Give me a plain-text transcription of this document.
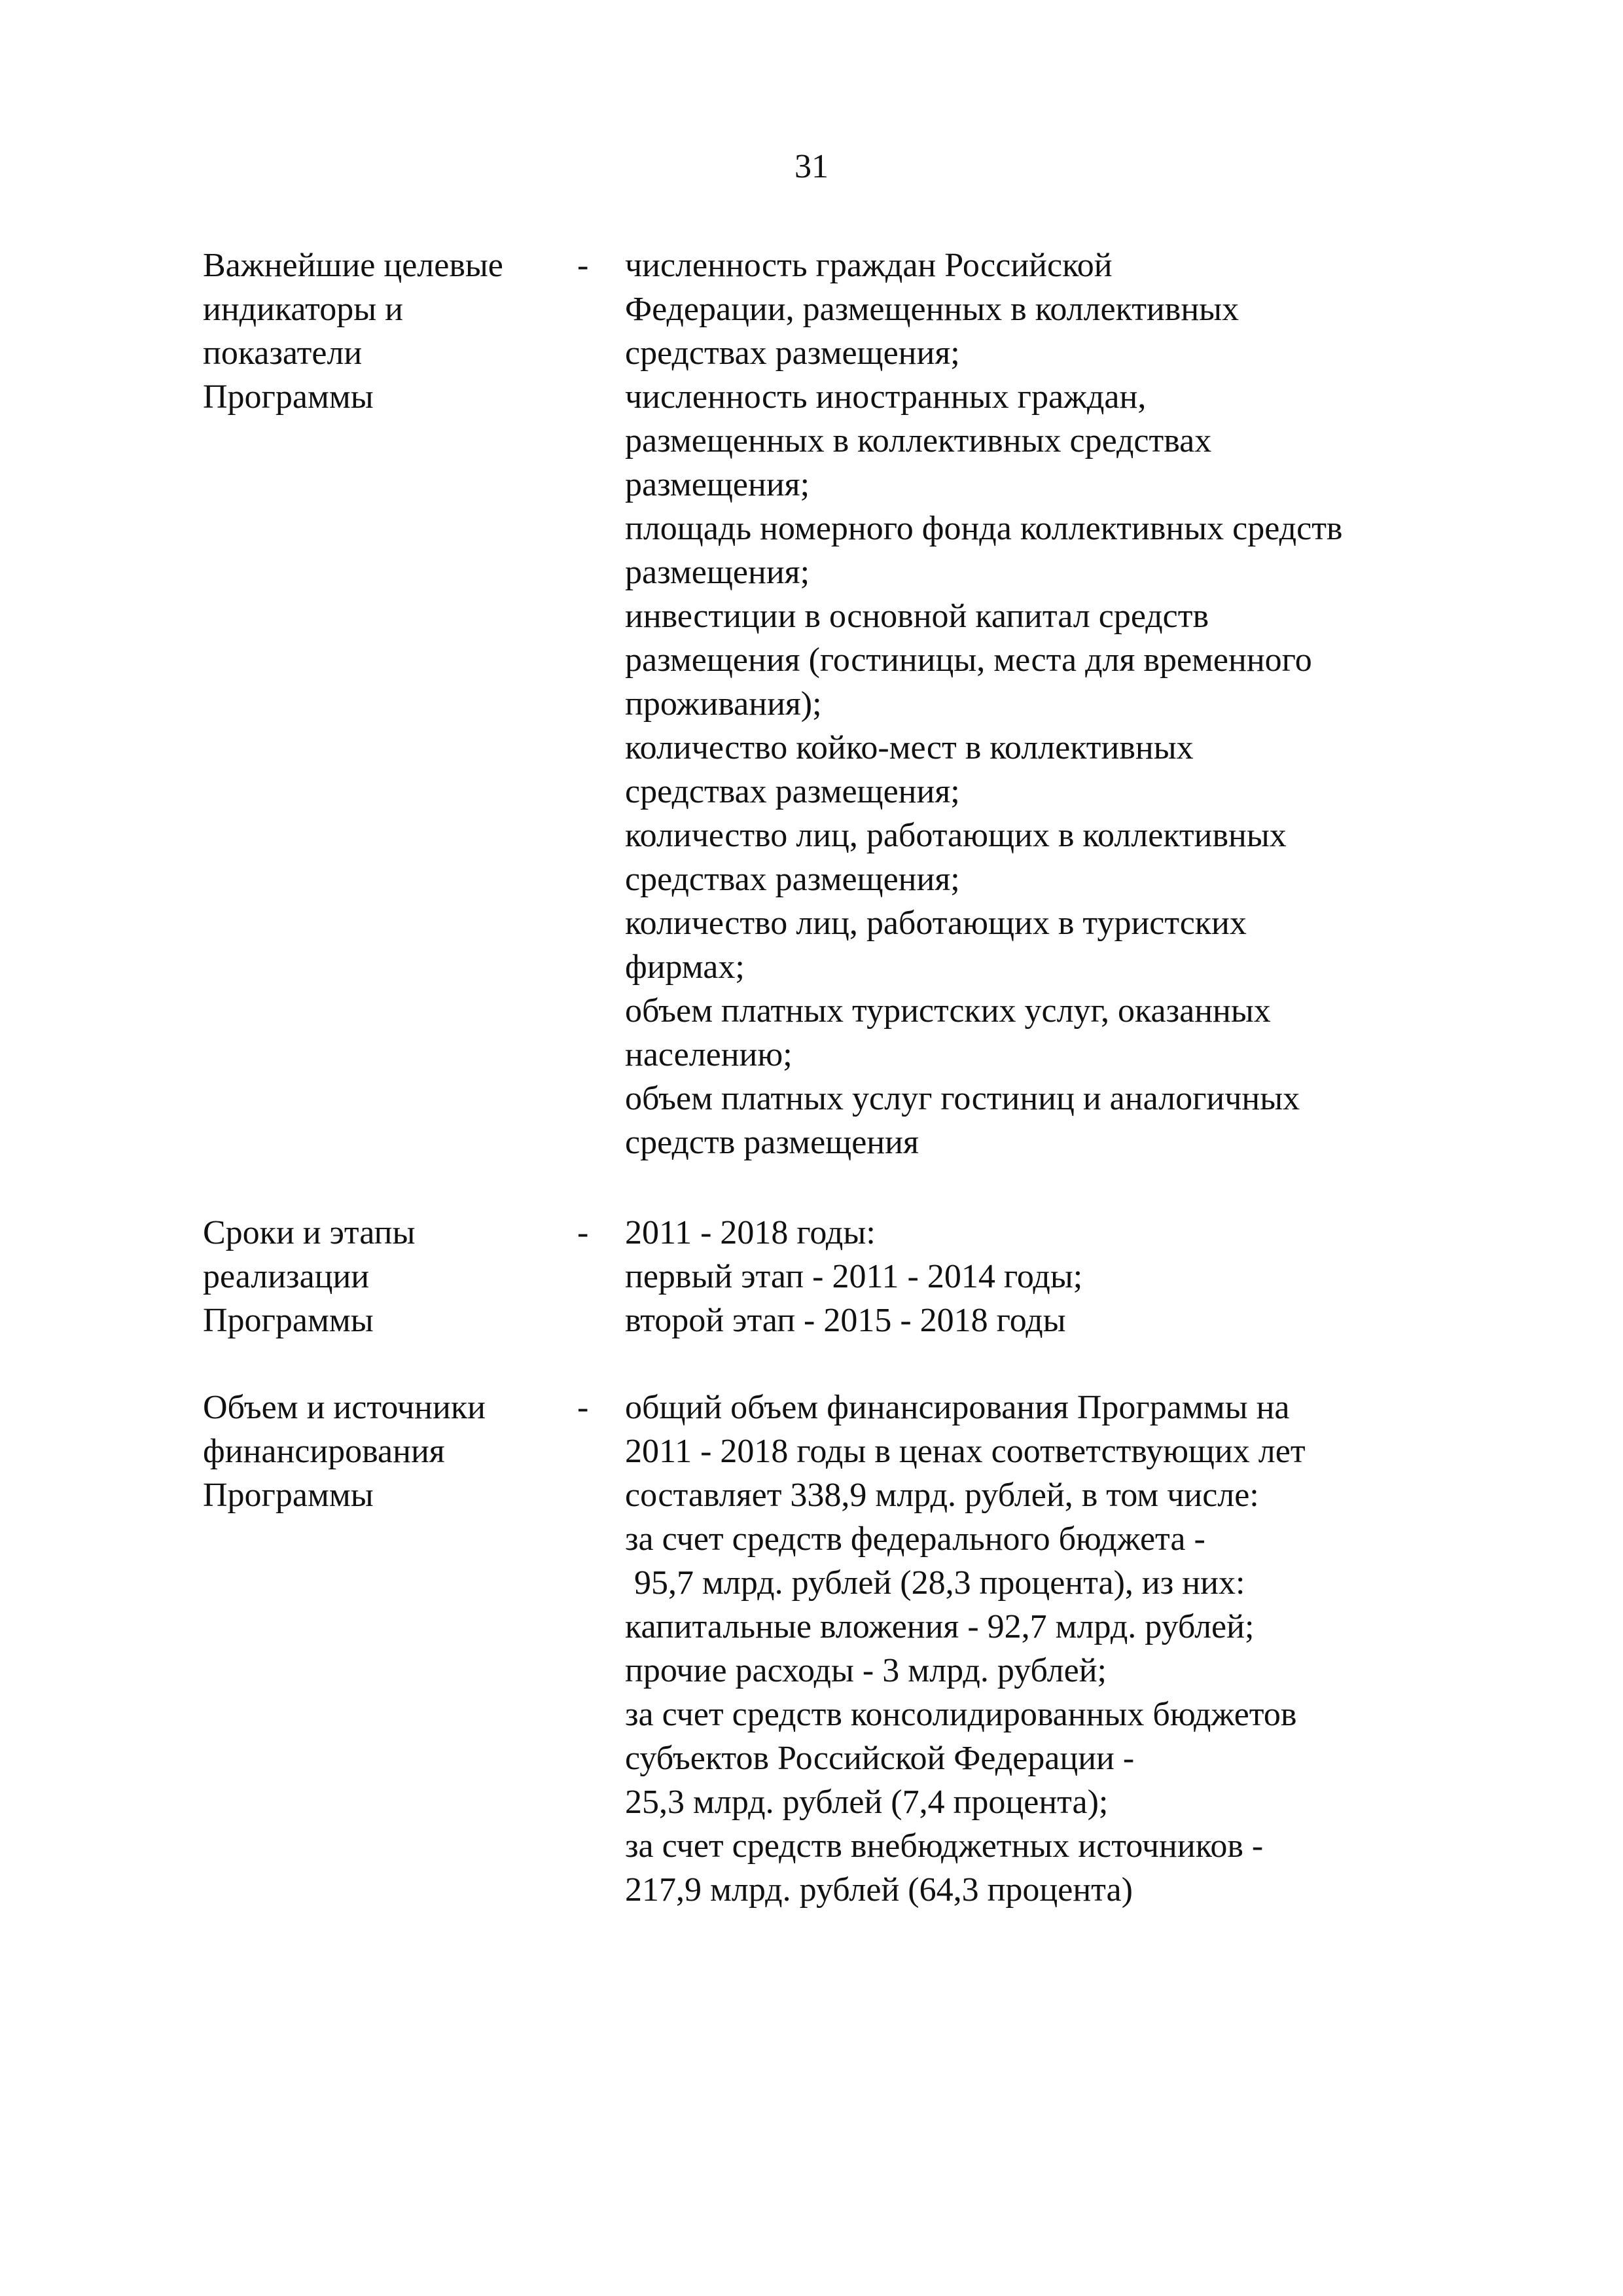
31
Важнейшие целевые
индикаторы и
показатели
Программы
- численность граждан Российской
Федерации, размещенных в коллективных
средствах размещения;
численность иностранных граждан,
размещенных в коллективных средствах
размещения;
площадь номерного фонда коллективных средств
размещения;
инвестиции в основной капитал средств
размещения (гостиницы, места для временного
проживания);
количество койко-мест в коллективных
средствах размещения;
количество лиц, работающих в коллективных
средствах размещения;
количество лиц, работающих в туристских
фирмах;
объем платных туристских услуг, оказанных
населению;
объем платных услуг гостиниц и аналогичных
средств размещения
Сроки и этапы
реализации
Программы
- 2011 - 2018 годы:
первый этап - 2011 - 2014 годы;
второй этап - 2015 - 2018 годы
Объем и источники
финансирования
Программы
- общий объем финансирования Программы на
2011 - 2018 годы в ценах соответствующих лет
составляет 338,9 млрд. рублей, в том числе:
за счет средств федерального бюджета -
95,7 млрд. рублей (28,3 процента), из них:
капитальные вложения - 92,7 млрд. рублей;
прочие расходы - 3 млрд. рублей;
за счет средств консолидированных бюджетов
субъектов Российской Федерации -
25,3 млрд. рублей (7,4 процента);
за счет средств внебюджетных источников -
217,9 млрд. рублей (64,3 процента)
